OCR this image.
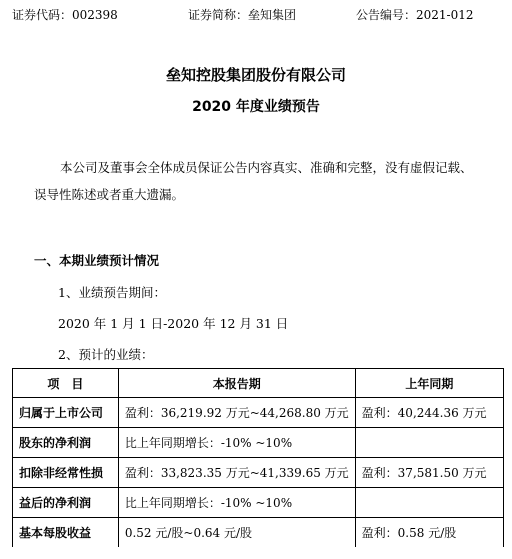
证券代码：002398	证券简称：垒知集团	公告编号：2021-012
垒知控股集团股份有限公司
2020 年度业绩预告
本公司及董事会全体成员保证公告内容真实、准确和完整，没有虚假记载、
误导性陈述或者重大遗漏。
一、本期业绩预计情况
1、业绩预告期间：
2020 年 1 月 1 日-2020 年 12 月 31 日
2、预计的业绩：
项　目	本报告期	上年同期
归属于上市公司	盈利：36,219.92 万元~44,268.80 万元	盈利：40,244.36 万元
股东的净利润	比上年同期增长：-10% ~10%	
扣除非经常性损	盈利：33,823.35 万元~41,339.65 万元	盈利：37,581.50 万元
益后的净利润	比上年同期增长：-10% ~10%	
基本每股收益	0.52 元/股~0.64 元/股	盈利：0.58 元/股
